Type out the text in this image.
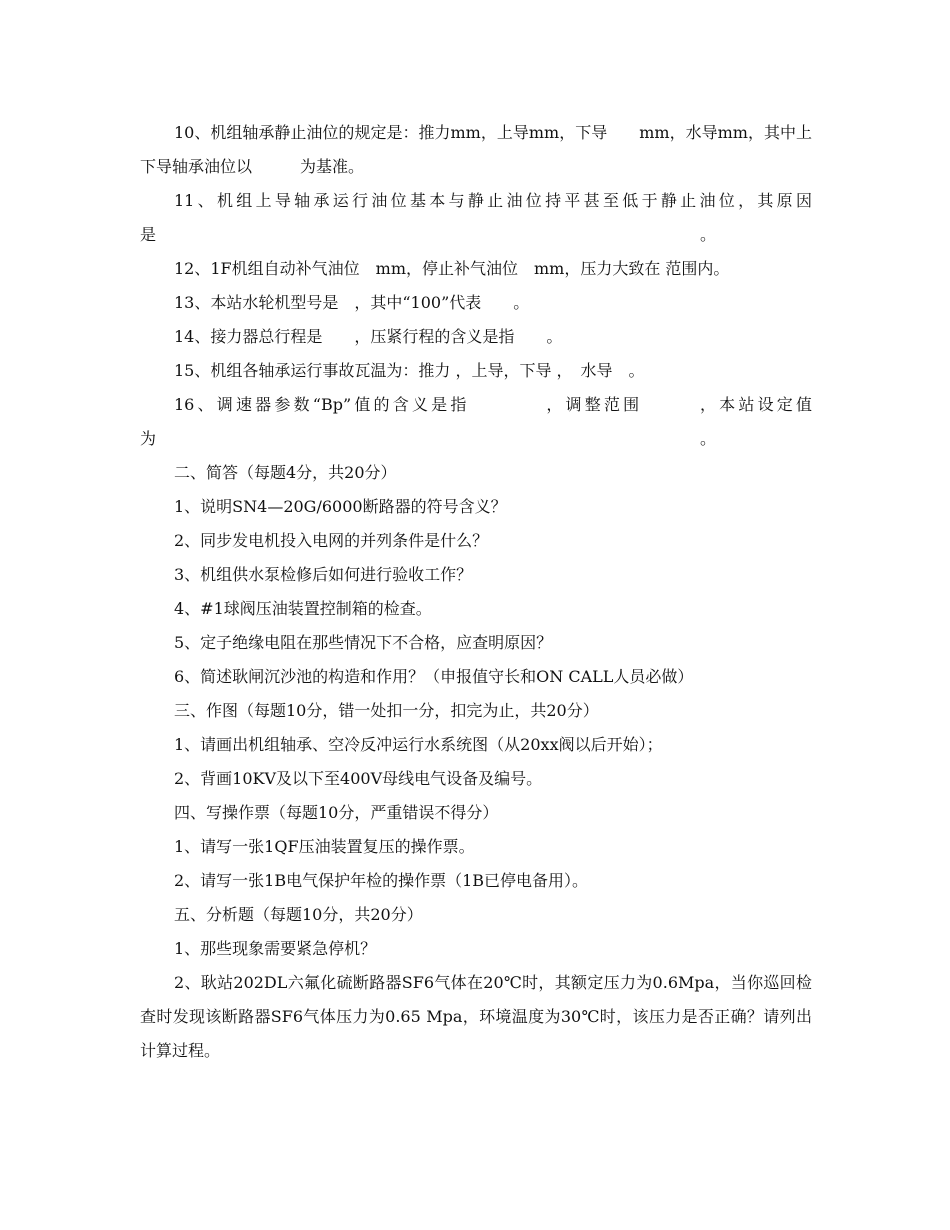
10、机组轴承静止油位的规定是：推力mm，上导mm，下导　　mm，水导mm，其中上下导轴承油位以　　　为基准。

11、机组上导轴承运行油位基本与静止油位持平甚至低于静止油位，其原因是　　　　　　　　　　　　　　　　　　　　　　　　　　　　　　　　　　。

12、1F机组自动补气油位　mm，停止补气油位　mm，压力大致在 范围内。

13、本站水轮机型号是　，其中“100”代表　　。

14、接力器总行程是　　，压紧行程的含义是指　　。

15、机组各轴承运行事故瓦温为：推力 ，上导，下导 ，　水导　。

16、调速器参数“Bp”值的含义是指　　　　，调整范围　　　，本站设定值为　　　　　　　　　　　　　　　　　　　　　　　　　　　　　　　　　　。

二、简答（每题4分，共20分）

1、说明SN4—20G/6000断路器的符号含义？

2、同步发电机投入电网的并列条件是什么？

3、机组供水泵检修后如何进行验收工作？

4、#1球阀压油装置控制箱的检查。

5、定子绝缘电阻在那些情况下不合格，应查明原因？

6、简述耿闸沉沙池的构造和作用？（申报值守长和ON CALL人员必做）

三、作图（每题10分，错一处扣一分，扣完为止，共20分）

1、请画出机组轴承、空冷反冲运行水系统图（从20xx阀以后开始）；

2、背画10KV及以下至400V母线电气设备及编号。

四、写操作票（每题10分，严重错误不得分）

1、请写一张1QF压油装置复压的操作票。

2、请写一张1B电气保护年检的操作票（1B已停电备用）。

五、分析题（每题10分，共20分）

1、那些现象需要紧急停机？

2、耿站202DL六氟化硫断路器SF6气体在20℃时，其额定压力为0.6Mpa，当你巡回检查时发现该断路器SF6气体压力为0.65 Mpa，环境温度为30℃时，该压力是否正确？请列出计算过程。
